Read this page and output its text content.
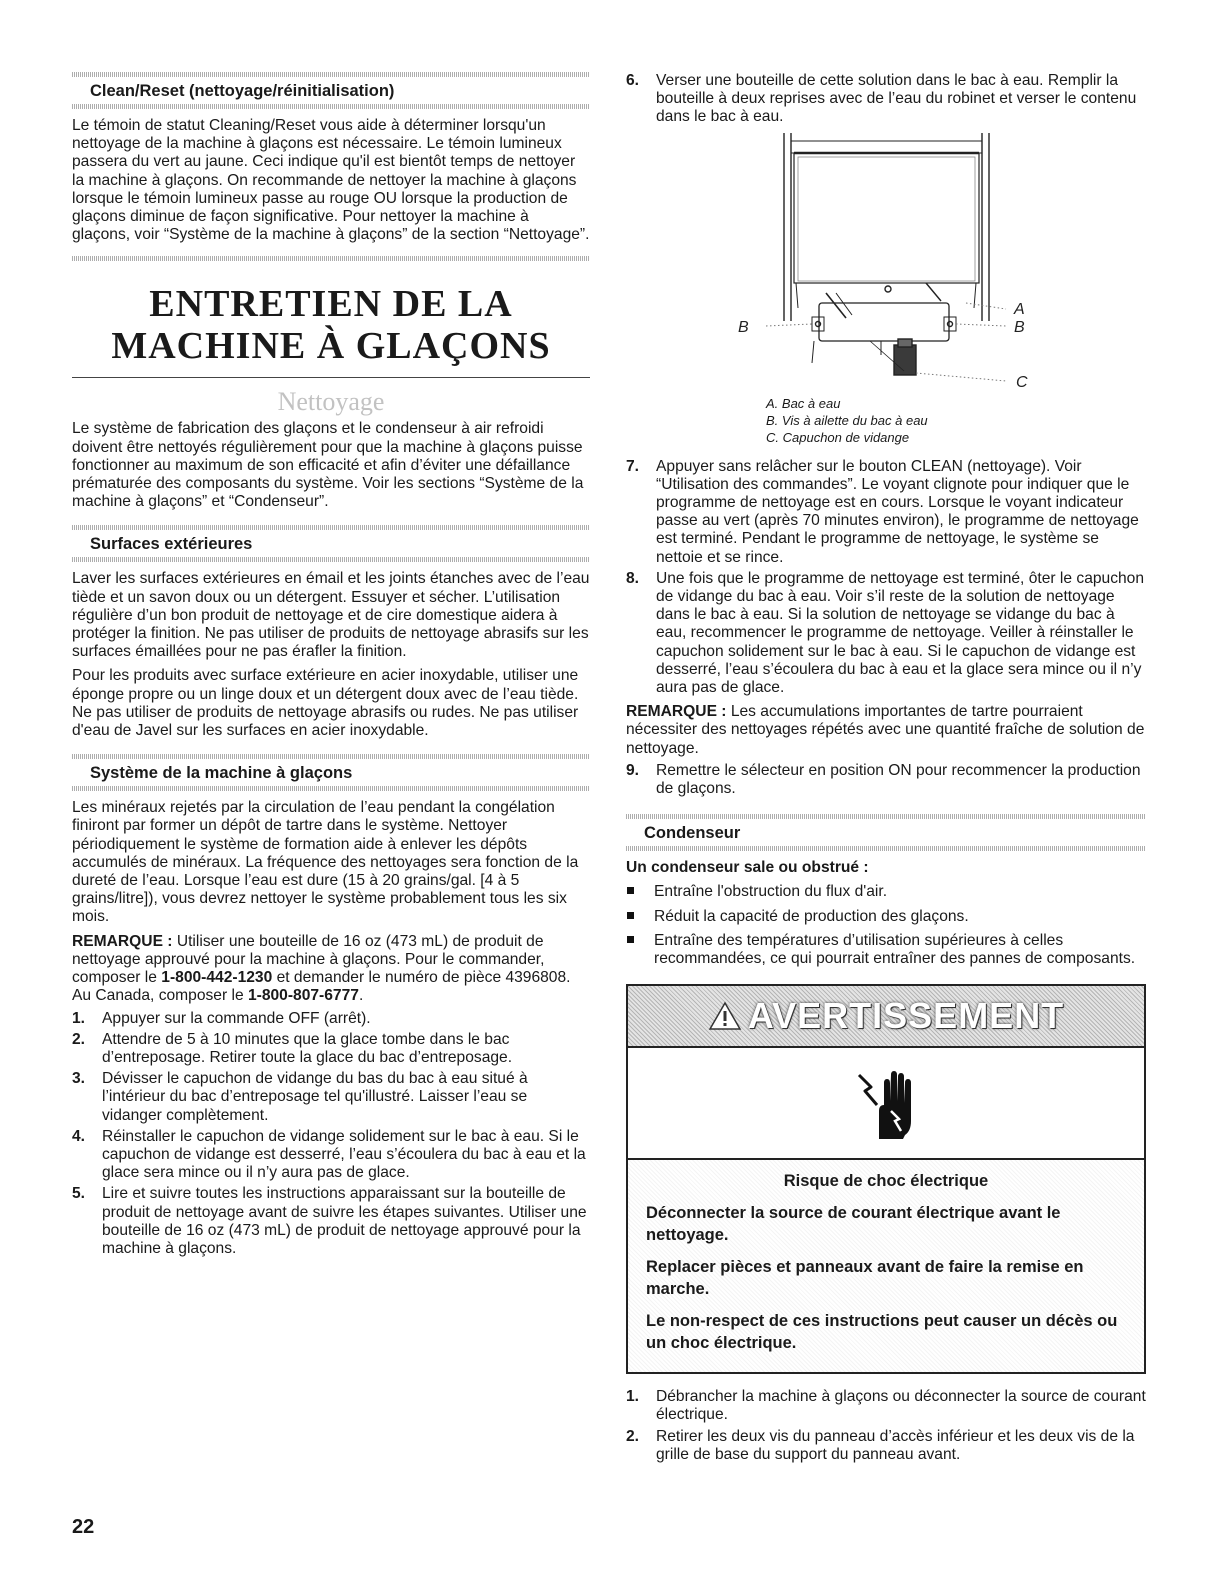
Clean/Reset (nettoyage/réinitialisation)

Le témoin de statut Cleaning/Reset vous aide à déterminer lorsqu'un nettoyage de la machine à glaçons est nécessaire. Le témoin lumineux passera du vert au jaune. Ceci indique qu'il est bientôt temps de nettoyer la machine à glaçons. On recommande de nettoyer la machine à glaçons lorsque le témoin lumineux passe au rouge OU lorsque la production de glaçons diminue de façon significative. Pour nettoyer la machine à glaçons, voir “Système de la machine à glaçons” de la section “Nettoyage”.

ENTRETIEN DE LA
MACHINE À GLAÇONS
Nettoyage

Le système de fabrication des glaçons et le condenseur à air refroidi doivent être nettoyés régulièrement pour que la machine à glaçons puisse fonctionner au maximum de son efficacité et afin d’éviter une défaillance prématurée des composants du système. Voir les sections “Système de la machine à glaçons” et “Condenseur”.

Surfaces extérieures

Laver les surfaces extérieures en émail et les joints étanches avec de l’eau tiède et un savon doux ou un détergent. Essuyer et sécher. L’utilisation régulière d’un bon produit de nettoyage et de cire domestique aidera à protéger la finition. Ne pas utiliser de produits de nettoyage abrasifs sur les surfaces émaillées pour ne pas érafler la finition.

Pour les produits avec surface extérieure en acier inoxydable, utiliser une éponge propre ou un linge doux et un détergent doux avec de l’eau tiède. Ne pas utiliser de produits de nettoyage abrasifs ou rudes. Ne pas utiliser d'eau de Javel sur les surfaces en acier inoxydable.

Système de la machine à glaçons

Les minéraux rejetés par la circulation de l’eau pendant la congélation finiront par former un dépôt de tartre dans le système. Nettoyer périodiquement le système de formation aide à enlever les dépôts accumulés de minéraux. La fréquence des nettoyages sera fonction de la dureté de l’eau. Lorsque l’eau est dure (15 à 20 grains/gal. [4 à 5 grains/litre]), vous devrez nettoyer le système probablement tous les six mois.

REMARQUE : Utiliser une bouteille de 16 oz (473 mL) de produit de nettoyage approuvé pour la machine à glaçons. Pour le commander, composer le 1-800-442-1230 et demander le numéro de pièce 4396808. Au Canada, composer le 1-800-807-6777.

1.	Appuyer sur la commande OFF (arrêt).
2.	Attendre de 5 à 10 minutes que la glace tombe dans le bac d’entreposage. Retirer toute la glace du bac d’entreposage.
3.	Dévisser le capuchon de vidange du bas du bac à eau situé à l’intérieur du bac d’entreposage tel qu'illustré. Laisser l’eau se vidanger complètement.
4.	Réinstaller le capuchon de vidange solidement sur le bac à eau. Si le capuchon de vidange est desserré, l’eau s’écoulera du bac à eau et la glace sera mince ou il n’y aura pas de glace.
5.	Lire et suivre toutes les instructions apparaissant sur la bouteille de produit de nettoyage avant de suivre les étapes suivantes. Utiliser une bouteille de 16 oz (473 mL) de produit de nettoyage approuvé pour la machine à glaçons.
6.	Verser une bouteille de cette solution dans le bac à eau. Remplir la bouteille à deux reprises avec de l’eau du robinet et verser le contenu dans le bac à eau.
B
A
B
C
A. Bac à eau
B. Vis à ailette du bac à eau
C. Capuchon de vidange
7.	Appuyer sans relâcher sur le bouton CLEAN (nettoyage). Voir “Utilisation des commandes”. Le voyant clignote pour indiquer que le programme de nettoyage est en cours. Lorsque le voyant indicateur passe au vert (après 70 minutes environ), le programme de nettoyage est terminé. Pendant le programme de nettoyage, le système se nettoie et se rince.
8.	Une fois que le programme de nettoyage est terminé, ôter le capuchon de vidange du bac à eau. Voir s’il reste de la solution de nettoyage dans le bac à eau. Si la solution de nettoyage se vidange du bac à eau, recommencer le programme de nettoyage. Veiller à réinstaller le capuchon solidement sur le bac à eau. Si le capuchon de vidange est desserré, l’eau s’écoulera du bac à eau et la glace sera mince ou il n’y aura pas de glace.

REMARQUE : Les accumulations importantes de tartre pourraient nécessiter des nettoyages répétés avec une quantité fraîche de solution de nettoyage.

9.	Remettre le sélecteur en position ON pour recommencer la production de glaçons.
Condenseur

Un condenseur sale ou obstrué :

Entraîne l'obstruction du flux d'air.
Réduit la capacité de production des glaçons.
Entraîne des températures d’utilisation supérieures à celles recommandées, ce qui pourrait entraîner des pannes de composants.
AVERTISSEMENT

Risque de choc électrique

Déconnecter la source de courant électrique avant le nettoyage.

Replacer pièces et panneaux avant de faire la remise en marche.

Le non-respect de ces instructions peut causer un décès ou un choc électrique.

1.	Débrancher la machine à glaçons ou déconnecter la source de courant électrique.
2.	Retirer les deux vis du panneau d’accès inférieur et les deux vis de la grille de base du support du panneau avant.
22
